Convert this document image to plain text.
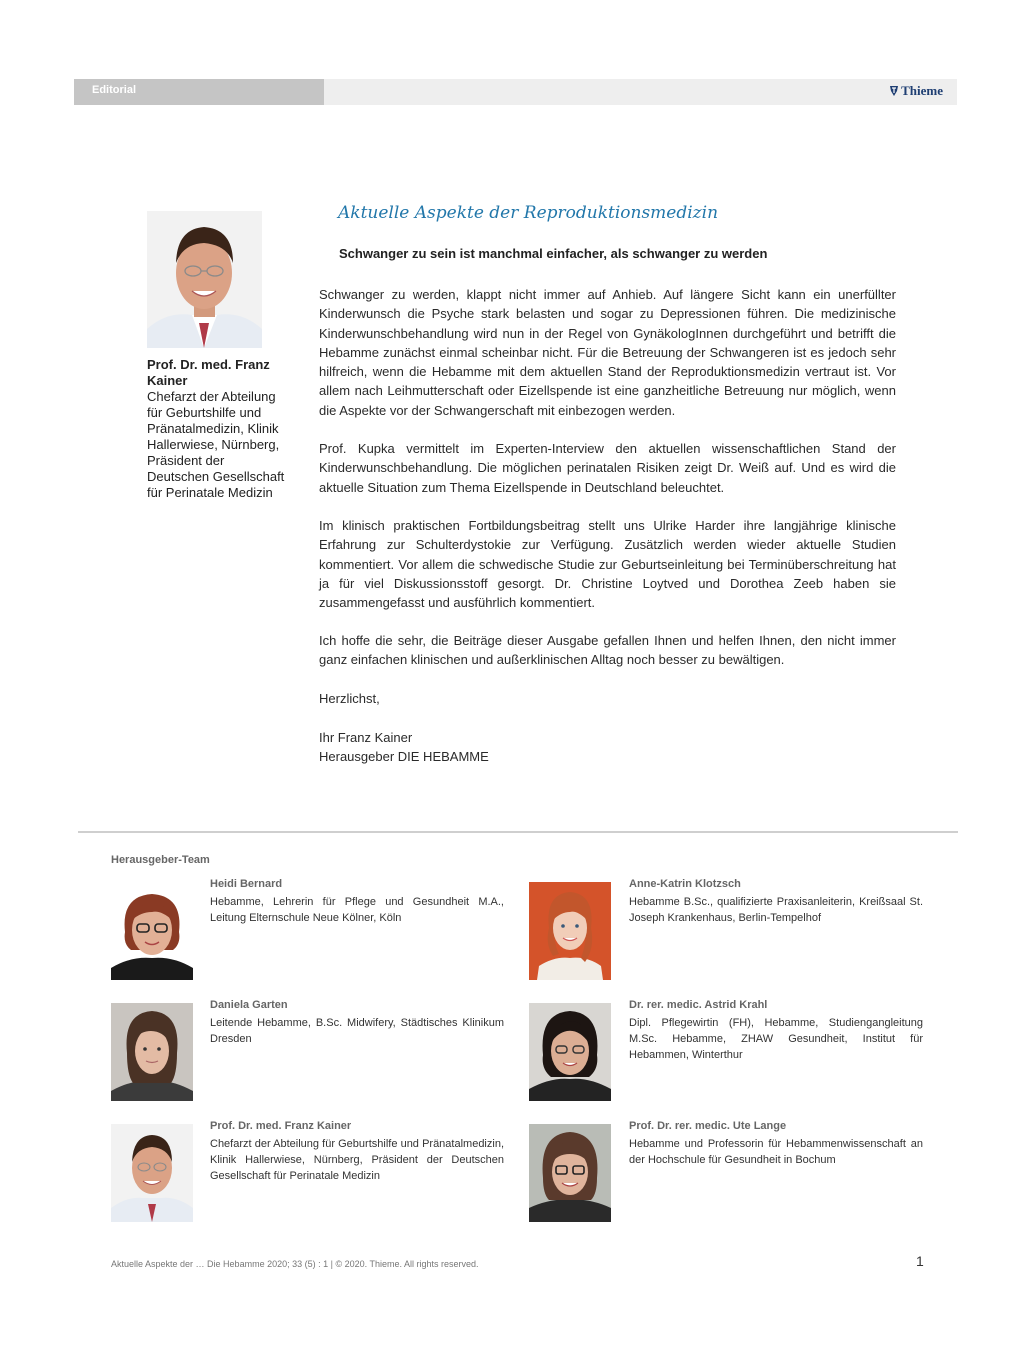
Editorial	Thieme
Prof. Dr. med. Franz Kainer
Chefarzt der Abteilung für Geburtshilfe und Pränatalmedizin, Klinik Hallerwiese, Nürnberg, Präsident der Deutschen Gesellschaft für Perinatale Medizin
Aktuelle Aspekte der Reproduktionsmedizin
Schwanger zu sein ist manchmal einfacher, als schwanger zu werden
Schwanger zu werden, klappt nicht immer auf Anhieb. Auf längere Sicht kann ein unerfüllter Kinderwunsch die Psyche stark belasten und sogar zu Depressionen führen. Die medizinische Kinderwunschbehandlung wird nun in der Regel von GynäkologInnen durchgeführt und betrifft die Hebamme zunächst einmal scheinbar nicht. Für die Betreuung der Schwangeren ist es jedoch sehr hilfreich, wenn die Hebamme mit dem aktuellen Stand der Reproduktionsmedizin vertraut ist. Vor allem nach Leihmutterschaft oder Eizellspende ist eine ganzheitliche Betreuung nur möglich, wenn die Aspekte vor der Schwangerschaft mit einbezogen werden.
Prof. Kupka vermittelt im Experten-Interview den aktuellen wissenschaftlichen Stand der Kinderwunschbehandlung. Die möglichen perinatalen Risiken zeigt Dr. Weiß auf. Und es wird die aktuelle Situation zum Thema Eizellspende in Deutschland beleuchtet.
Im klinisch praktischen Fortbildungsbeitrag stellt uns Ulrike Harder ihre langjährige klinische Erfahrung zur Schulterdystokie zur Verfügung. Zusätzlich werden wieder aktuelle Studien kommentiert. Vor allem die schwedische Studie zur Geburtseinleitung bei Terminüberschreitung hat ja für viel Diskussionsstoff gesorgt. Dr. Christine Loytved und Dorothea Zeeb haben sie zusammengefasst und ausführlich kommentiert.
Ich hoffe die sehr, die Beiträge dieser Ausgabe gefallen Ihnen und helfen Ihnen, den nicht immer ganz einfachen klinischen und außerklinischen Alltag noch besser zu bewältigen.
Herzlichst,
Ihr Franz Kainer
Herausgeber DIE HEBAMME
Herausgeber-Team
Heidi Bernard
Hebamme, Lehrerin für Pflege und Gesundheit M.A., Leitung Elternschule Neue Kölner, Köln
Anne-Katrin Klotzsch
Hebamme B.Sc., qualifizierte Praxisanleiterin, Kreißsaal St. Joseph Krankenhaus, Berlin-Tempelhof
Daniela Garten
Leitende Hebamme, B.Sc. Midwifery, Städtisches Klinikum Dresden
Dr. rer. medic. Astrid Krahl
Dipl. Pflegewirtin (FH), Hebamme, Studiengangleitung M.Sc. Hebamme, ZHAW Gesundheit, Institut für Hebammen, Winterthur
Prof. Dr. med. Franz Kainer
Chefarzt der Abteilung für Geburtshilfe und Pränatalmedizin, Klinik Hallerwiese, Nürnberg, Präsident der Deutschen Gesellschaft für Perinatale Medizin
Prof. Dr. rer. medic. Ute Lange
Hebamme und Professorin für Hebammenwissenschaft an der Hochschule für Gesundheit in Bochum
Aktuelle Aspekte der … Die Hebamme 2020; 33 (5) : 1 | © 2020. Thieme. All rights reserved.	1
